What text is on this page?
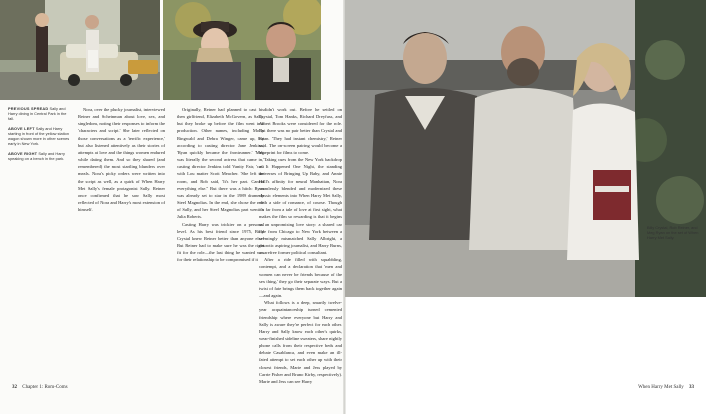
PREVIOUS SPREAD Sally and Harry dining in Central Park in the fall.

ABOVE LEFT Sally and Harry starting in front of the yellow station wagon shown more in other scenes early in New York.

ABOVE RIGHT Sally and Harry speaking on a bench in the park.

Nora, over the plucky journalist, interviewed Reiner and Scheinman about love, sex, and singledom, noting their responses to inform the 'characters and script.' She later reflected on those conversations as a 'terrific experience,' but also listened attentively as their stories of attempts at love and the things women endured while dating them. And so they shared (and remembered) the most startling blunders over meals. Nora's picky orders were written into the script as well, as a quirk of When Harry Met Sally's female protagonist Sally. Reiner once confirmed that he saw Sally most reflected of Nora and Harry's most extension of himself.

Originally, Reiner had planned to cast his then girlfriend, Elizabeth McGovern, as Sally, but they broke up before the film went into production. Other names, including Molly Ringwald and Debra Winger, came up, but according to casting director Jane Jenkins, 'Ryan quickly became the frontrunner.' 'Meg was literally the second actress that came in,' casting director Jenkins told Vanity Fair, 'cast with Lou matter Scott Meacher. 'She left the room, and Rob said, 'It's her part. Cancel everything else.'' But there was a hitch: Ryan was already set to star in the 1989 dramedy Steel Magnolias. In the end, she chose the role of Sally, and her Steel Magnolias part went to Julia Roberts.

Casting Harry was trickier on a personal level. As his best friend since 1975, Billy Crystal knew Reiner better than anyone else! But Reiner had to make sure he was the right fit for the role—the last thing he wanted was for their relationship to be compromised if it

didn't work out. Before he settled on Crystal, Tom Hanks, Richard Dreyfuss, and Albert Brooks were considered for the role. But there was no pair better than Crystal and Ryan. 'They had instant chemistry,' Reiner said. The on-screen pairing would become a blueprint for films to come.

Taking cues from the New York backdrop of It Happened One Night, the standing universes of Bringing Up Baby, and Annie Hall's affinity for neural Manhattan, Nora seamlessly blended and modernized these classic elements into When Harry Met Sally, with a side of romance, of course. Though it's far from a tale of love at first sight, what makes the film so rewarding is that it begins as an unpromising love story: a shared car ride from Chicago to New York between a seemingly mismatched Sally Albright, a neurotic aspiring journalist, and Harry Burns, a carefree former political consultant.

After a ride filled with squabbling, contempt, and a declaration that 'men and women can never be friends because of the sex thing,' they go their separate ways. But a twist of fate brings them back together again—and again.

What follows is a deep, smartly twelve-year acquaintanceship turned cemented friendship where everyone but Harry and Sally is aware they're perfect for each other. Harry and Sally know each other's quirks, wear-finished sideline sweaters, share nightly phone calls from their respective beds and debate Casablanca, and even make an ill-fated attempt to set each other up with their closest friends, Marie and Jess played by Carrie Fisher and Bruno Kirby, respectively). Marie and Jess can see Harry

32 Chapter 1: Rom-Coms
Billy Crystal, Rob Reiner, and Meg Ryan on the set of When Harry Met Sally.
When Harry Met Sally 33
